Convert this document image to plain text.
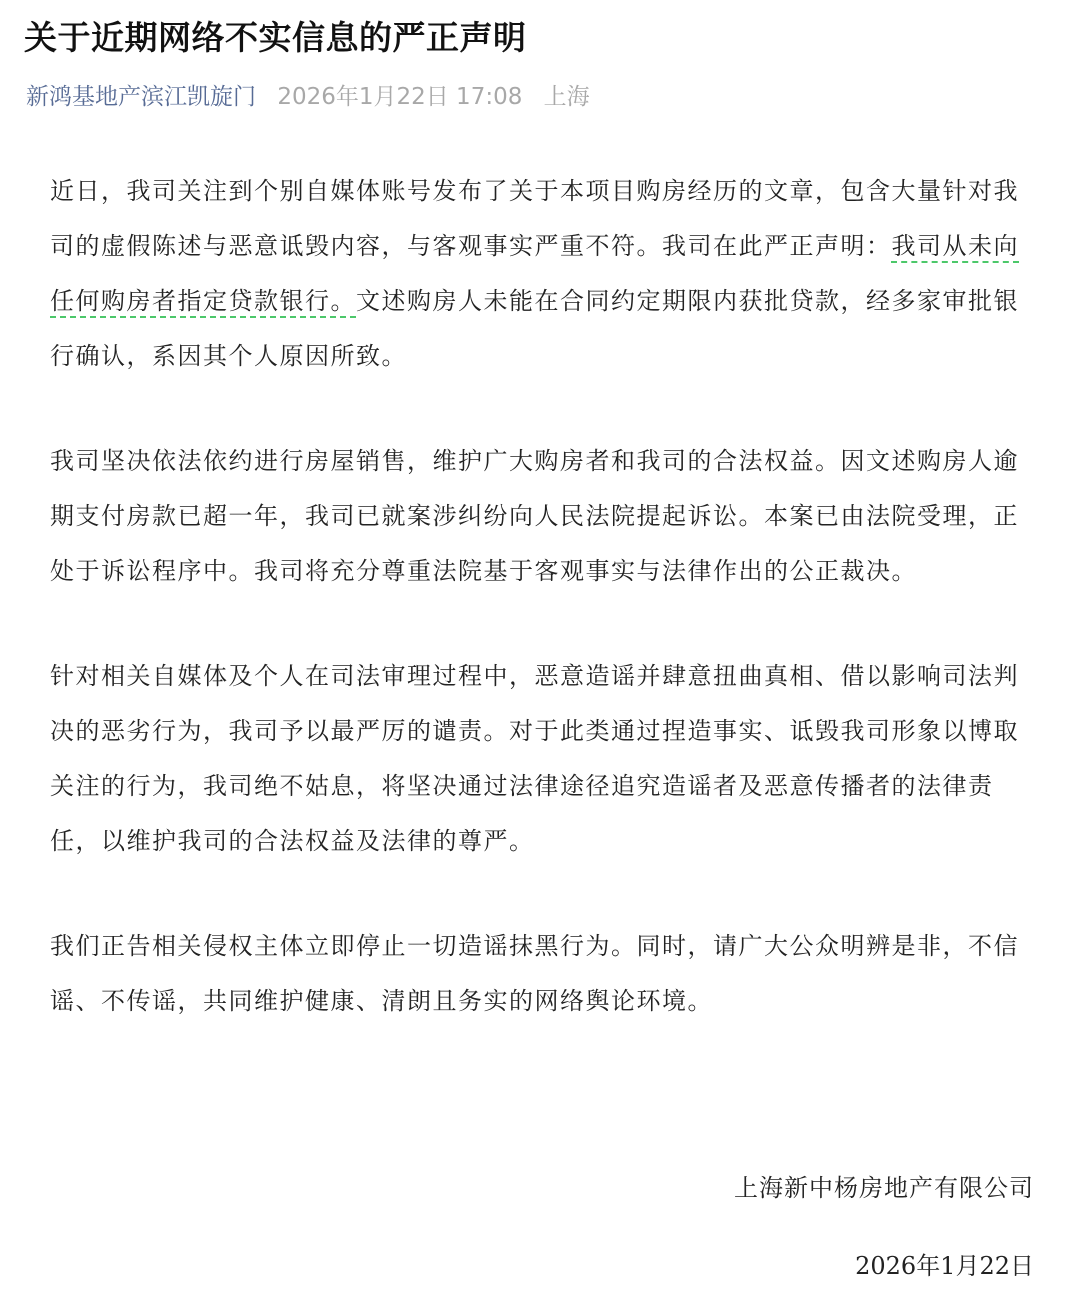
关于近期网络不实信息的严正声明
新鸿基地产滨江凯旋门 2026年1月22日 17:08 上海

近日，我司关注到个别自媒体账号发布了关于本项目购房经历的文章，包含大量针对我司的虚假陈述与恶意诋毁内容，与客观事实严重不符。我司在此严正声明：我司从未向任何购房者指定贷款银行。文述购房人未能在合同约定期限内获批贷款，经多家审批银行确认，系因其个人原因所致。

我司坚决依法依约进行房屋销售，维护广大购房者和我司的合法权益。因文述购房人逾期支付房款已超一年，我司已就案涉纠纷向人民法院提起诉讼。本案已由法院受理，正处于诉讼程序中。我司将充分尊重法院基于客观事实与法律作出的公正裁决。

针对相关自媒体及个人在司法审理过程中，恶意造谣并肆意扭曲真相、借以影响司法判决的恶劣行为，我司予以最严厉的谴责。对于此类通过捏造事实、诋毁我司形象以博取关注的行为，我司绝不姑息，将坚决通过法律途径追究造谣者及恶意传播者的法律责任，以维护我司的合法权益及法律的尊严。

我们正告相关侵权主体立即停止一切造谣抹黑行为。同时，请广大公众明辨是非，不信谣、不传谣，共同维护健康、清朗且务实的网络舆论环境。

上海新中杨房地产有限公司
2026年1月22日
